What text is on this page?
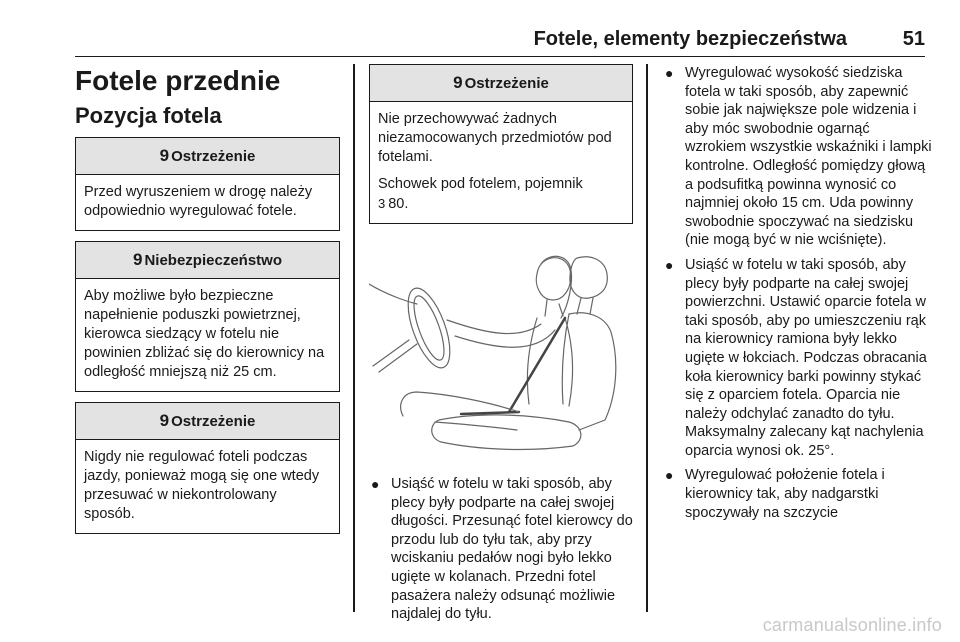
Fotele, elementy bezpieczeństwa	51
Fotele przednie
Pozycja fotela
9 Ostrzeżenie

Przed wyruszeniem w drogę należy odpowiednio wyregulować fotele.

9 Niebezpieczeństwo

Aby możliwe było bezpieczne napełnienie poduszki powietrznej, kierowca siedzący w fotelu nie powinien zbliżać się do kierownicy na odległość mniejszą niż 25 cm.

9 Ostrzeżenie

Nigdy nie regulować foteli podczas jazdy, ponieważ mogą się one wtedy przesuwać w niekontrolowany sposób.

9 Ostrzeżenie

Nie przechowywać żadnych niezamocowanych przedmiotów pod fotelami.

Schowek pod fotelem, pojemnik
3 80.

● Usiąść w fotelu w taki sposób, aby plecy były podparte na całej swojej długości. Przesunąć fotel kierowcy do przodu lub do tyłu tak, aby przy wciskaniu pedałów nogi było lekko ugięte w kolanach. Przedni fotel pasażera należy odsunąć możliwie najdalej do tyłu.
● Wyregulować wysokość siedziska fotela w taki sposób, aby zapewnić sobie jak największe pole widzenia i aby móc swobodnie ogarnąć wzrokiem wszystkie wskaźniki i lampki kontrolne. Odległość pomiędzy głową a podsufitką powinna wynosić co najmniej około 15 cm. Uda powinny swobodnie spoczywać na siedzisku (nie mogą być w nie wciśnięte).
● Usiąść w fotelu w taki sposób, aby plecy były podparte na całej swojej powierzchni. Ustawić oparcie fotela w taki sposób, aby po umieszczeniu rąk na kierownicy ramiona były lekko ugięte w łokciach. Podczas obracania koła kierownicy barki powinny stykać się z oparciem fotela. Oparcia nie należy odchylać zanadto do tyłu. Maksymalny zalecany kąt nachylenia oparcia wynosi ok. 25°.
● Wyregulować położenie fotela i kierownicy tak, aby nadgarstki spoczywały na szczycie
carmanualsonline.info
